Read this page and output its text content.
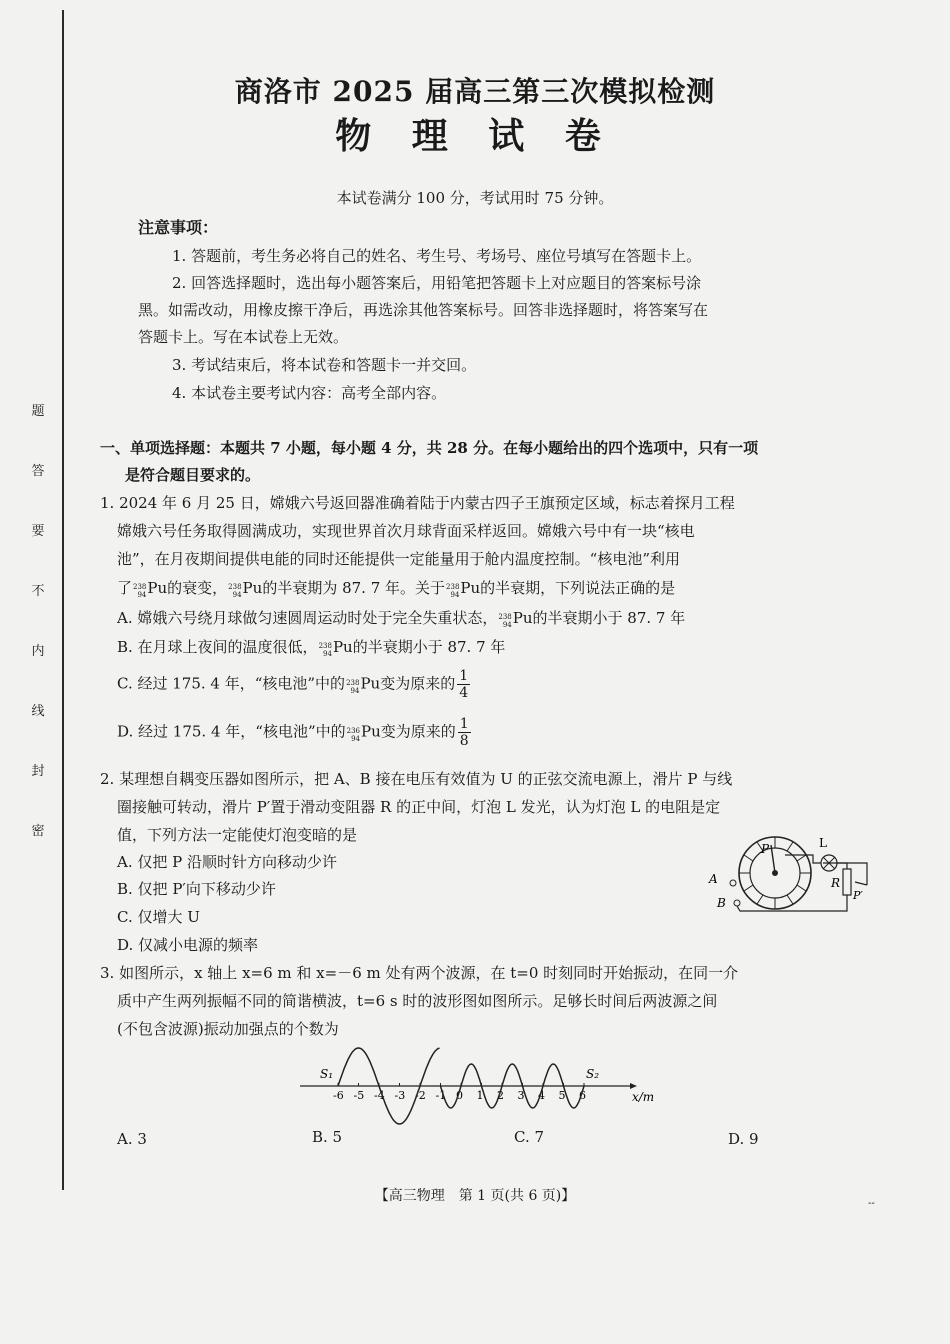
题
答
要
不
内
线
封
密
商洛市 2025 届高三第三次模拟检测
物 理 试 卷
本试卷满分 100 分，考试用时 75 分钟。
注意事项：
1. 答题前，考生务必将自己的姓名、考生号、考场号、座位号填写在答题卡上。
2. 回答选择题时，选出每小题答案后，用铅笔把答题卡上对应题目的答案标号涂
黑。如需改动，用橡皮擦干净后，再选涂其他答案标号。回答非选择题时，将答案写在
答题卡上。写在本试卷上无效。
3. 考试结束后，将本试卷和答题卡一并交回。
4. 本试卷主要考试内容：高考全部内容。
一、单项选择题：本题共 7 小题，每小题 4 分，共 28 分。在每小题给出的四个选项中，只有一项
是符合题目要求的。
1. 2024 年 6 月 25 日，嫦娥六号返回器准确着陆于内蒙古四子王旗预定区域，标志着探月工程
嫦娥六号任务取得圆满成功，实现世界首次月球背面采样返回。嫦娥六号中有一块“核电
池”，在月夜期间提供电能的同时还能提供一定能量用于舱内温度控制。“核电池”利用
了238
94Pu的衰变，238
94Pu的半衰期为 87. 7 年。关于238
94Pu的半衰期，下列说法正确的是
A. 嫦娥六号绕月球做匀速圆周运动时处于完全失重状态，238
94Pu的半衰期小于 87. 7 年
B. 在月球上夜间的温度很低，238
94Pu的半衰期小于 87. 7 年
C. 经过 175. 4 年，“核电池”中的238
94Pu变为原来的 $\frac{1}{4}$
D. 经过 175. 4 年，“核电池”中的236
94Pu变为原来的 $\frac{1}{8}$
2. 某理想自耦变压器如图所示，把 A、B 接在电压有效值为 U 的正弦交流电源上，滑片 P 与线
圈接触可转动，滑片 P′置于滑动变阻器 R 的正中间，灯泡 L 发光，认为灯泡 L 的电阻是定
值，下列方法一定能使灯泡变暗的是
A. 仅把 P 沿顺时针方向移动少许
B. 仅把 P′向下移动少许
C. 仅增大 U
D. 仅减小电源的频率
P
A
B
L
R
P′
3. 如图所示，x 轴上 x=6 m 和 x=－6 m 处有两个波源，在 t=0 时刻同时开始振动，在同一介
质中产生两列振幅不同的简谐横波，t=6 s 时的波形图如图所示。足够长时间后两波源之间
(不包含波源)振动加强点的个数为
x/m
-6 -5 -4 -3 -2 -1 0 1 2 3 4 5 6
S₁	S₂
A. 3	B. 5	C. 7	D. 9
【高三物理　第 1 页(共 6 页)】	--
